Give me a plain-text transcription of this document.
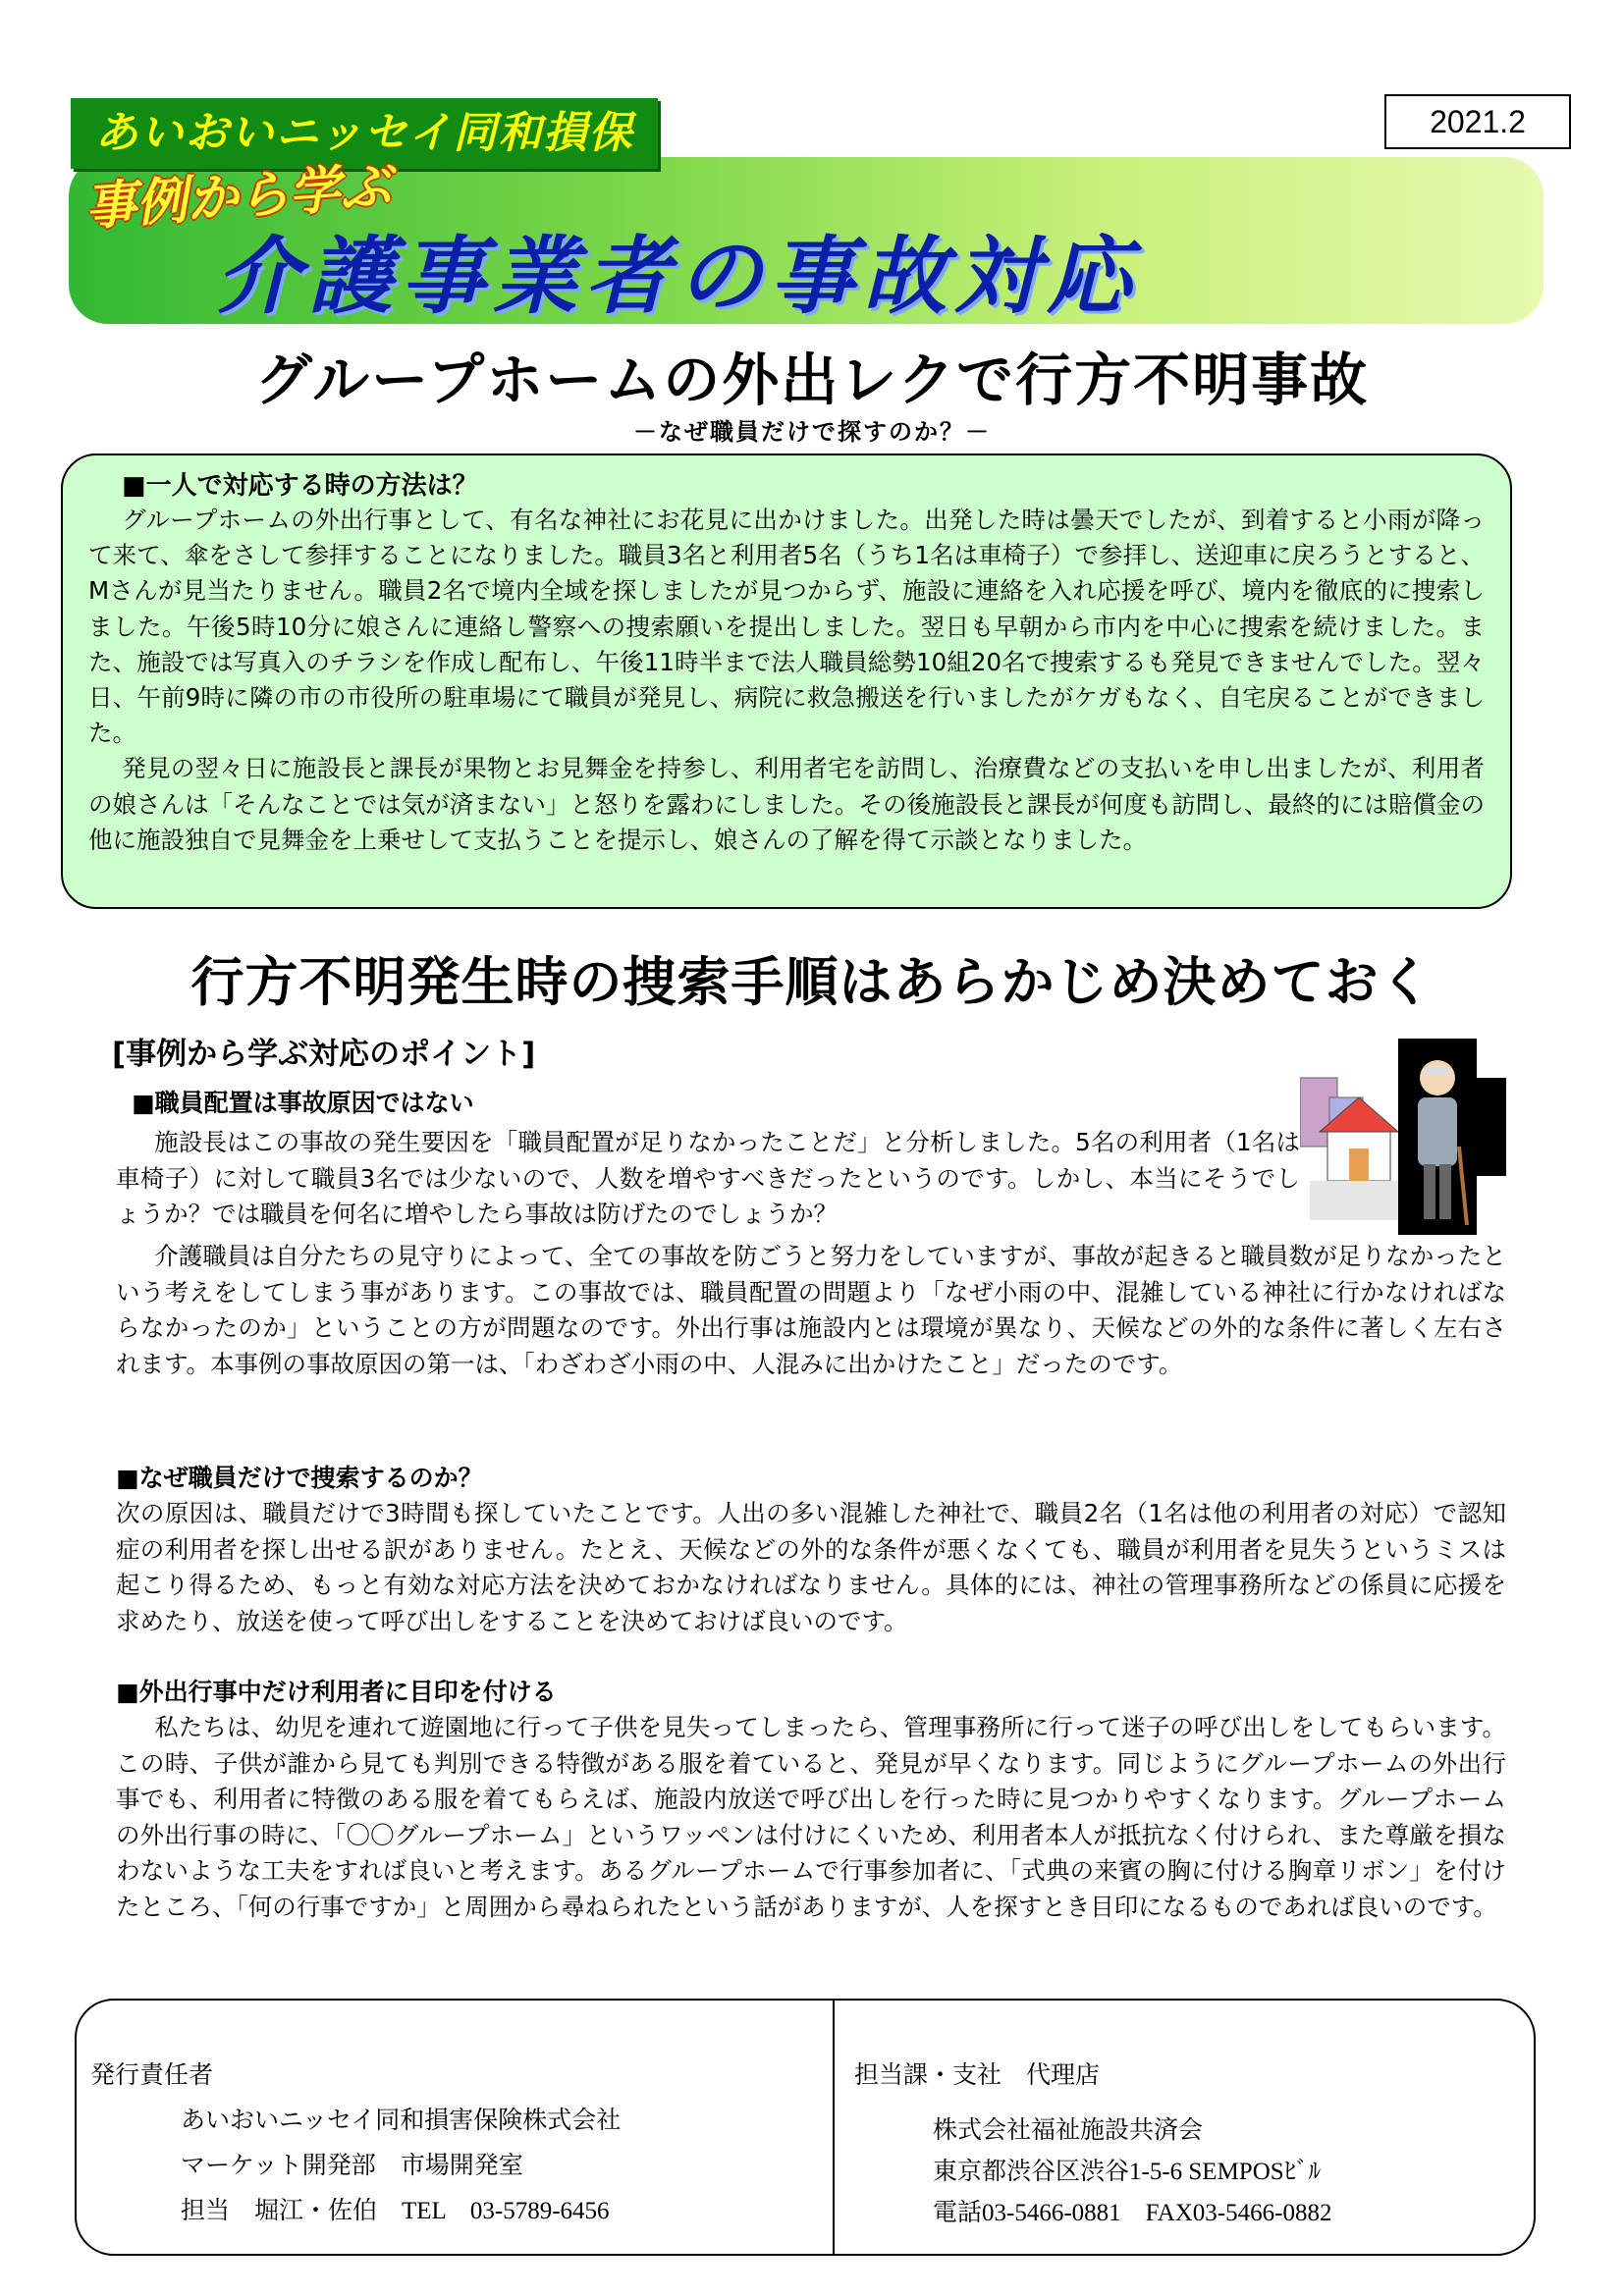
あいおいニッセイ同和損保	2021.2
事例から学ぶ
介護事業者の事故対応
グループホームの外出レクで行方不明事故
－なぜ職員だけで探すのか？－
■一人で対応する時の方法は？

グループホームの外出行事として、有名な神社にお花見に出かけました。出発した時は曇天でしたが、到着すると小雨が降って来て、傘をさして参拝することになりました。職員3名と利用者5名（うち1名は車椅子）で参拝し、送迎車に戻ろうとすると、Mさんが見当たりません。職員2名で境内全域を探しましたが見つからず、施設に連絡を入れ応援を呼び、境内を徹底的に捜索しました。午後5時10分に娘さんに連絡し警察への捜索願いを提出しました。翌日も早朝から市内を中心に捜索を続けました。また、施設では写真入のチラシを作成し配布し、午後11時半まで法人職員総勢10組20名で捜索するも発見できませんでした。翌々日、午前9時に隣の市の市役所の駐車場にて職員が発見し、病院に救急搬送を行いましたがケガもなく、自宅戻ることができました。

発見の翌々日に施設長と課長が果物とお見舞金を持参し、利用者宅を訪問し、治療費などの支払いを申し出ましたが、利用者の娘さんは「そんなことでは気が済まない」と怒りを露わにしました。その後施設長と課長が何度も訪問し、最終的には賠償金の他に施設独自で見舞金を上乗せして支払うことを提示し、娘さんの了解を得て示談となりました。

行方不明発生時の捜索手順はあらかじめ決めておく
[事例から学ぶ対応のポイント]
■職員配置は事故原因ではない

施設長はこの事故の発生要因を「職員配置が足りなかったことだ」と分析しました。5名の利用者（1名は車椅子）に対して職員3名では少ないので、人数を増やすべきだったというのです。しかし、本当にそうでしょうか？では職員を何名に増やしたら事故は防げたのでしょうか？

介護職員は自分たちの見守りによって、全ての事故を防ごうと努力をしていますが、事故が起きると職員数が足りなかったという考えをしてしまう事があります。この事故では、職員配置の問題より「なぜ小雨の中、混雑している神社に行かなければならなかったのか」ということの方が問題なのです。外出行事は施設内とは環境が異なり、天候などの外的な条件に著しく左右されます。本事例の事故原因の第一は、「わざわざ小雨の中、人混みに出かけたこと」だったのです。

■なぜ職員だけで捜索するのか？

次の原因は、職員だけで3時間も探していたことです。人出の多い混雑した神社で、職員2名（1名は他の利用者の対応）で認知症の利用者を探し出せる訳がありません。たとえ、天候などの外的な条件が悪くなくても、職員が利用者を見失うというミスは起こり得るため、もっと有効な対応方法を決めておかなければなりません。具体的には、神社の管理事務所などの係員に応援を求めたり、放送を使って呼び出しをすることを決めておけば良いのです。

■外出行事中だけ利用者に目印を付ける

私たちは、幼児を連れて遊園地に行って子供を見失ってしまったら、管理事務所に行って迷子の呼び出しをしてもらいます。この時、子供が誰から見ても判別できる特徴がある服を着ていると、発見が早くなります。同じようにグループホームの外出行事でも、利用者に特徴のある服を着てもらえば、施設内放送で呼び出しを行った時に見つかりやすくなります。グループホームの外出行事の時に、「〇〇グループホーム」というワッペンは付けにくいため、利用者本人が抵抗なく付けられ、また尊厳を損なわないような工夫をすれば良いと考えます。あるグループホームで行事参加者に、「式典の来賓の胸に付ける胸章リボン」を付けたところ、「何の行事ですか」と周囲から尋ねられたという話がありますが、人を探すとき目印になるものであれば良いのです。

発行責任者
あいおいニッセイ同和損害保険株式会社
マーケット開発部　市場開発室
担当　堀江・佐伯　TEL　03-5789-6456
担当課・支社　代理店
株式会社福祉施設共済会
東京都渋谷区渋谷1-5-6 SEMPOSﾋﾞﾙ
電話03-5466-0881　FAX03-5466-0882
